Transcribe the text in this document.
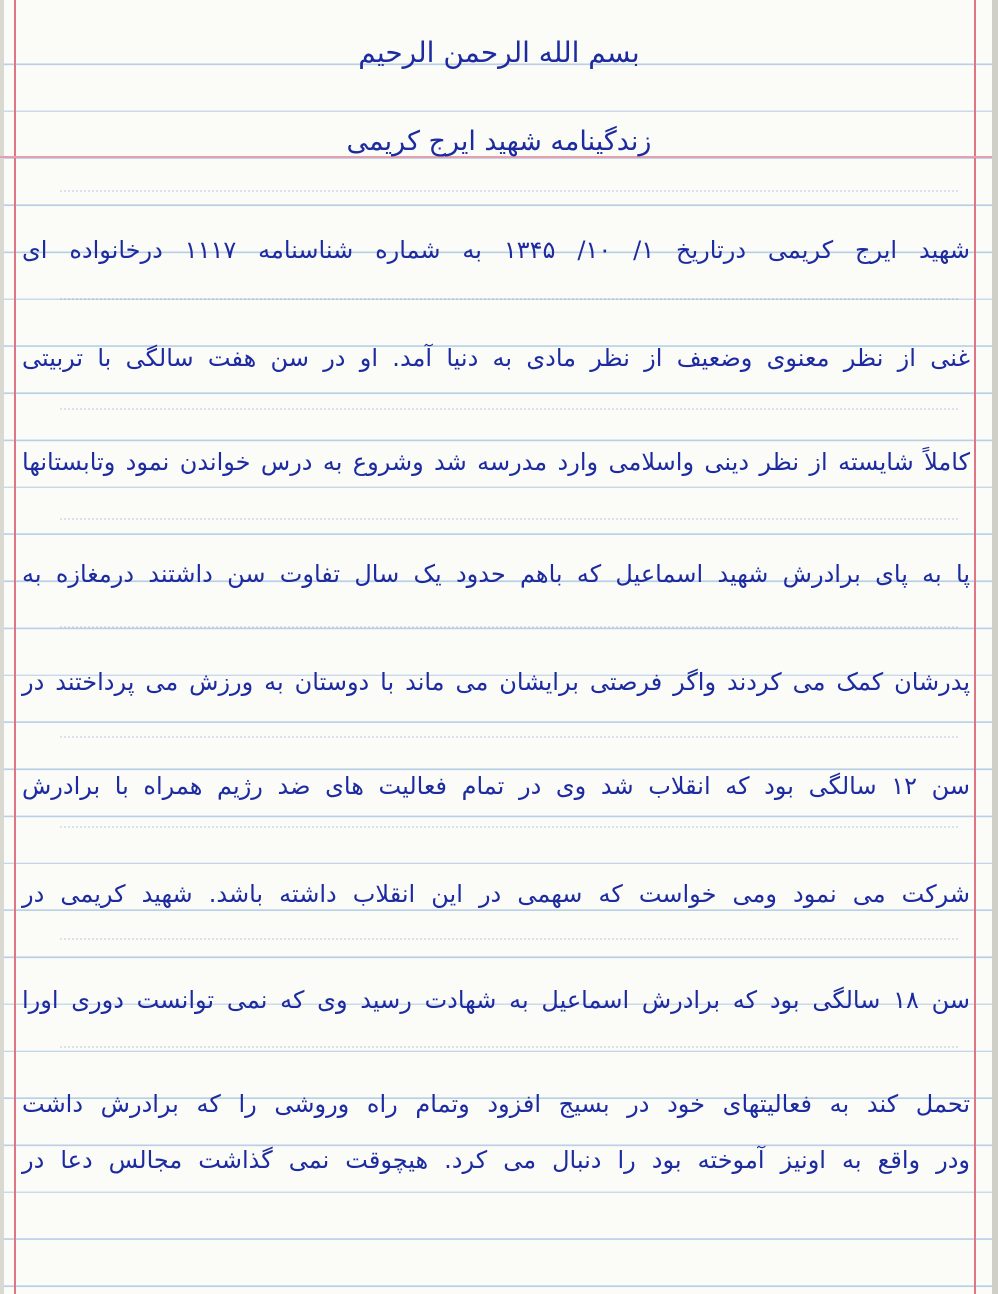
بسم الله الرحمن الرحیم
زندگینامه شهید ایرج کریمی
شهید ایرج کریمی درتاریخ ۱/ ۱۰/ ۱۳۴۵ به شماره شناسنامه ۱۱۱۷ درخانواده ای
غنی از نظر معنوی وضعیف از نظر مادی به دنیا آمد. او در سن هفت سالگی با تربیتی
کاملاً شایسته از نظر دینی واسلامی وارد مدرسه شد وشروع به درس خواندن نمود وتابستانها
پا به پای برادرش شهید اسماعیل که باهم حدود یک سال تفاوت سن داشتند درمغازه به
پدرشان کمک می کردند واگر فرصتی برایشان می ماند با دوستان به ورزش می پرداختند در
سن ۱۲ سالگی بود که انقلاب شد وی در تمام فعالیت های ضد رژیم همراه با برادرش
شرکت می نمود ومی خواست که سهمی در این انقلاب داشته باشد. شهید کریمی در
سن ۱۸ سالگی بود که برادرش اسماعیل به شهادت رسید وی که نمی توانست دوری اورا
تحمل کند به فعالیتهای خود در بسیج افزود وتمام راه وروشی را که برادرش داشت
ودر واقع به اونیز آموخته بود را دنبال می کرد. هیچوقت نمی گذاشت مجالس دعا در
